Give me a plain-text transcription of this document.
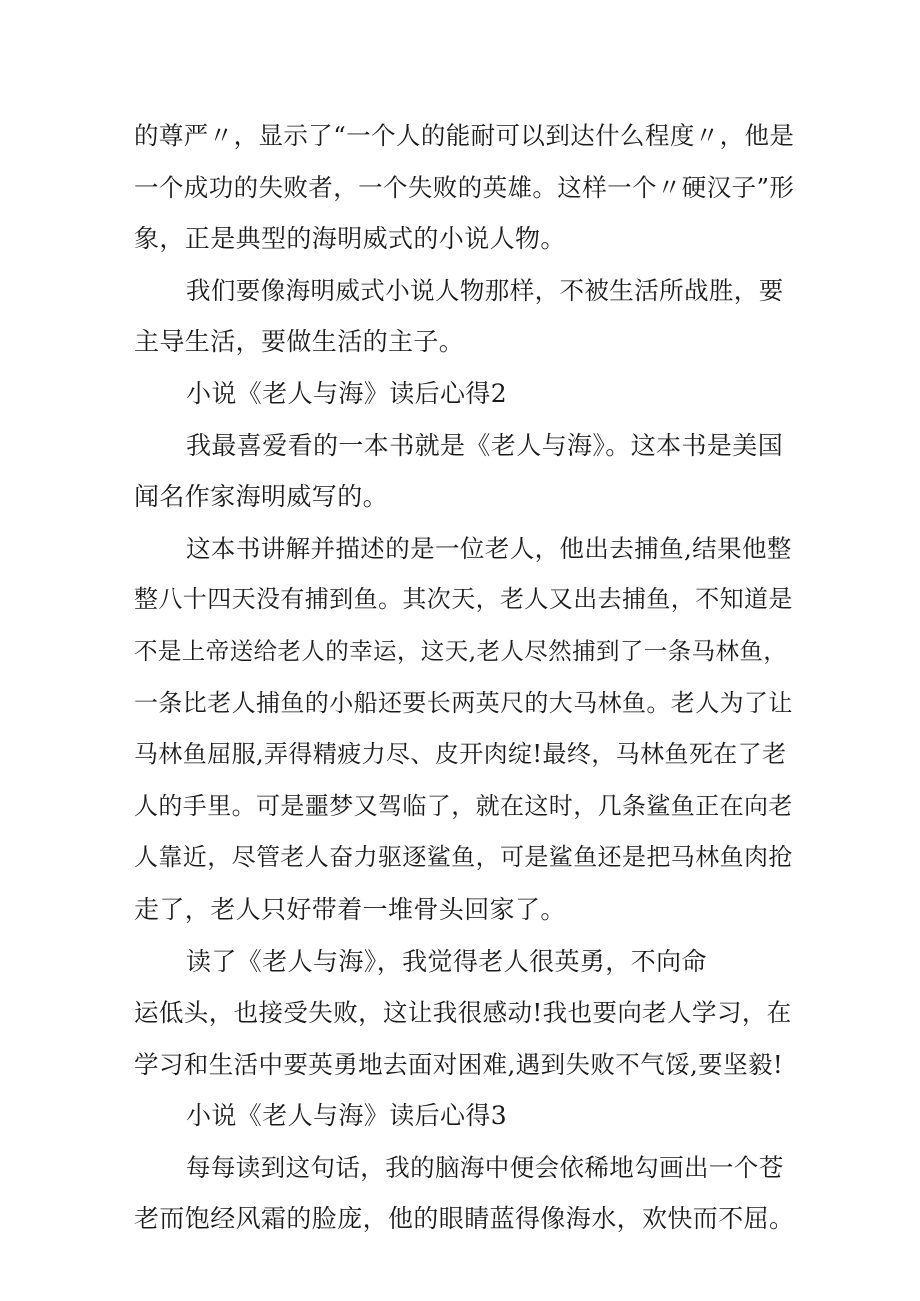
的尊严〃，显示了“一个人的能耐可以到达什么程度〃，他是
一个成功的失败者，一个失败的英雄。这样一个〃硬汉子”形
象，正是典型的海明威式的小说人物。
我们要像海明威式小说人物那样，不被生活所战胜，要
主导生活，要做生活的主子。
小说《老人与海》读后心得2
我最喜爱看的一本书就是《老人与海》。这本书是美国
闻名作家海明威写的。
这本书讲解并描述的是一位老人，他出去捕鱼,结果他整
整八十四天没有捕到鱼。其次天，老人又出去捕鱼，不知道是
不是上帝送给老人的幸运，这天,老人尽然捕到了一条马林鱼，
一条比老人捕鱼的小船还要长两英尺的大马林鱼。老人为了让
马林鱼屈服,弄得精疲力尽、皮开肉绽!最终，马林鱼死在了老
人的手里。可是噩梦又驾临了，就在这时，几条鲨鱼正在向老
人靠近，尽管老人奋力驱逐鲨鱼，可是鲨鱼还是把马林鱼肉抢
走了，老人只好带着一堆骨头回家了。
读了《老人与海》，我觉得老人很英勇，不向命
运低头，也接受失败，这让我很感动!我也要向老人学习，在
学习和生活中要英勇地去面对困难,遇到失败不气馁,要坚毅!
小说《老人与海》读后心得3
每每读到这句话，我的脑海中便会依稀地勾画出一个苍
老而饱经风霜的脸庞，他的眼睛蓝得像海水，欢快而不屈。
